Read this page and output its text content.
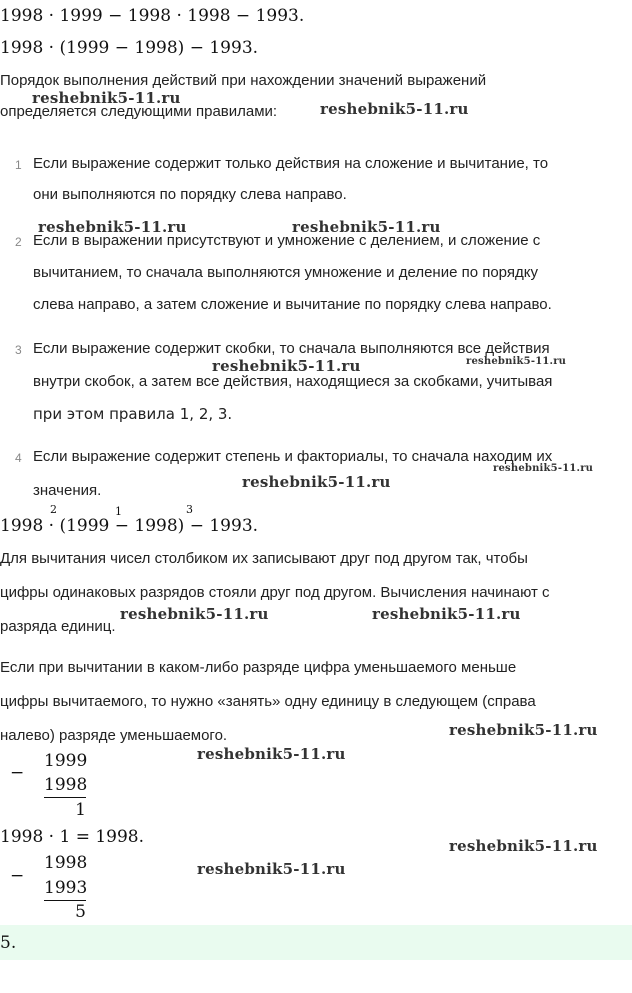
1998 · 1999 − 1998 · 1998 − 1993.
1998 · (1999 − 1998) − 1993.
Порядок выполнения действий при нахождении значений выражений
определяется следующими правилами:
1 Если выражение содержит только действия на сложение и вычитание, то
они выполняются по порядку слева направо.
2 Если в выражении присутствуют и умножение с делением, и сложение с
вычитанием, то сначала выполняются умножение и деление по порядку
слева направо, а затем сложение и вычитание по порядку слева направо.
3 Если выражение содержит скобки, то сначала выполняются все действия
внутри скобок, а затем все действия, находящиеся за скобками, учитывая
при этом правила 1, 2, 3.
4 Если выражение содержит степень и факториалы, то сначала находим их
значения.
1998 · (1999 − 1998) − 1993.
2	1	3
Для вычитания чисел столбиком их записывают друг под другом так, чтобы
цифры одинаковых разрядов стояли друг под другом. Вычисления начинают с
разряда единиц.
Если при вычитании в каком-либо разряде цифра уменьшаемого меньше
цифры вычитаемого, то нужно «занять» одну единицу в следующем (справа
налево) разряде уменьшаемого.
−
1999
1998
1
1998 · 1 = 1998.
−
1998
1993
5
5.
reshebnik5-11.ru
reshebnik5-11.ru
reshebnik5-11.ru	reshebnik5-11.ru
reshebnik5-11.ru	reshebnik5-11.ru
reshebnik5-11.ru
reshebnik5-11.ru
reshebnik5-11.ru	reshebnik5-11.ru
reshebnik5-11.ru
reshebnik5-11.ru
reshebnik5-11.ru
reshebnik5-11.ru
